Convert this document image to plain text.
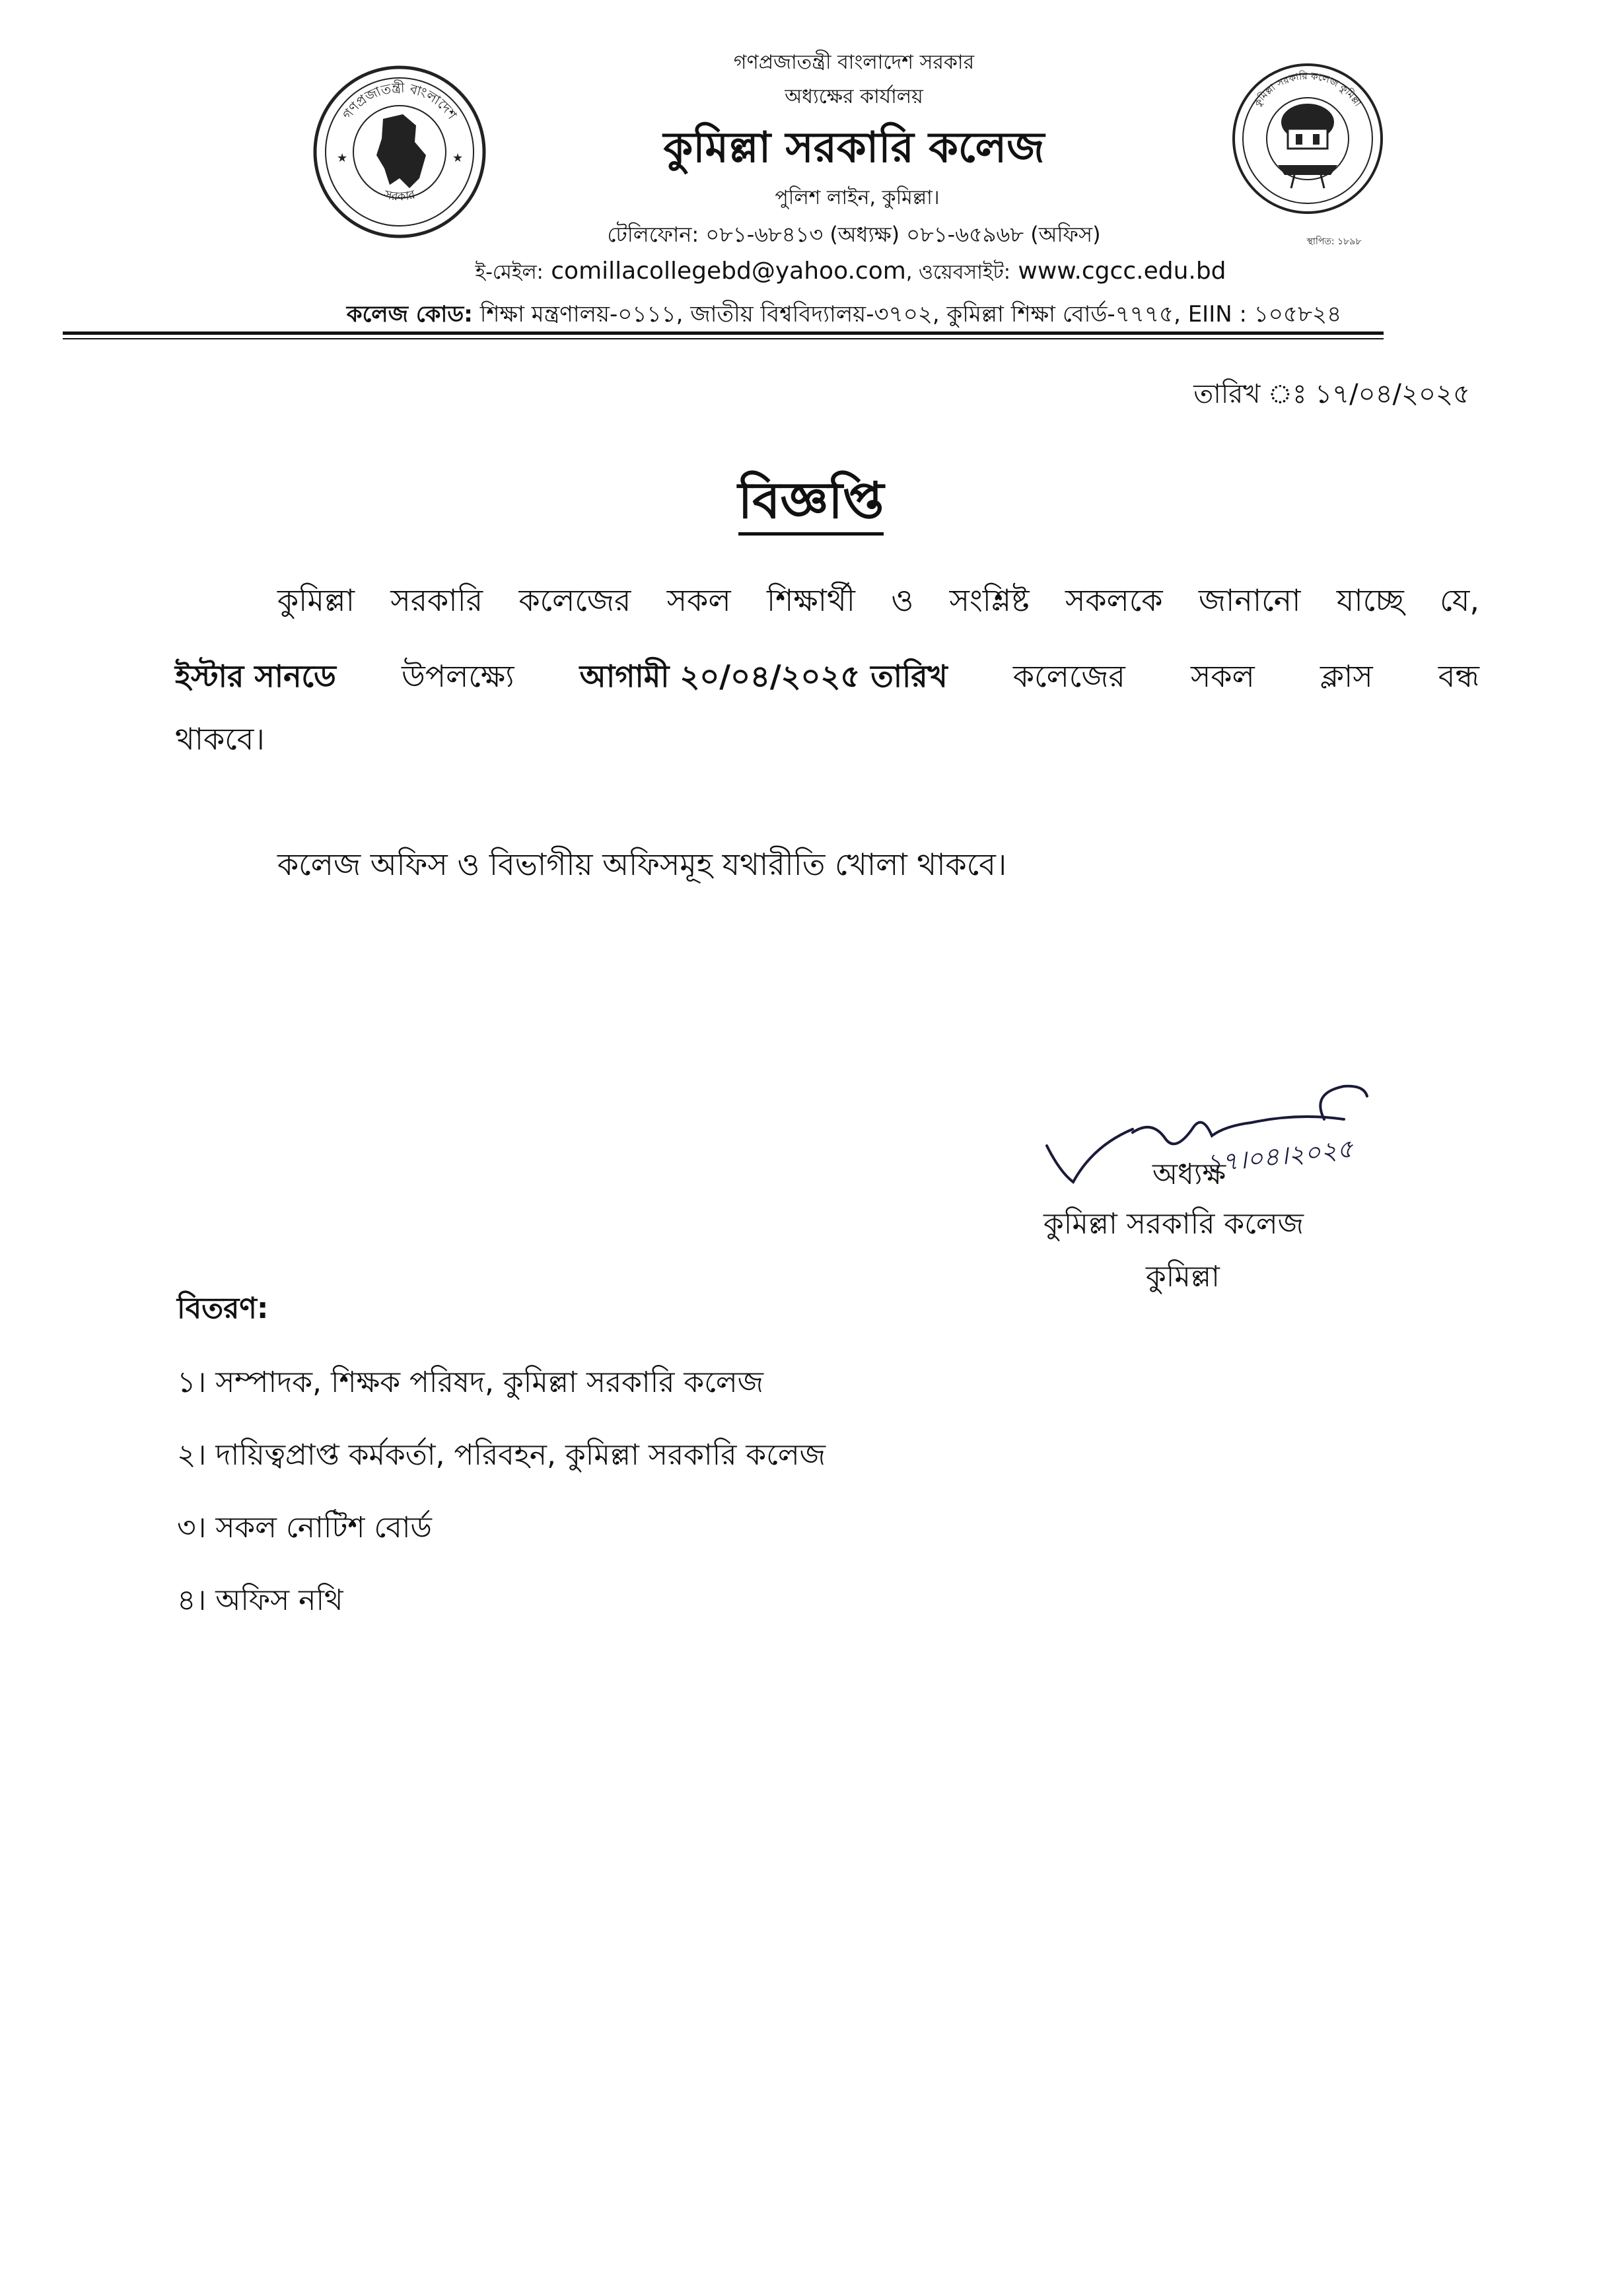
গণপ্রজাতন্ত্রী বাংলাদেশ
সরকার
★	★
কুমিল্লা সরকারি কলেজ কুমিল্লা
স্থাপিত: ১৮৯৮
গণপ্রজাতন্ত্রী বাংলাদেশ সরকার
অধ্যক্ষের কার্যালয়
কুমিল্লা সরকারি কলেজ
পুলিশ লাইন, কুমিল্লা।
টেলিফোন: ০৮১-৬৮৪১৩ (অধ্যক্ষ) ০৮১-৬৫৯৬৮ (অফিস)
ই-মেইল: comillacollegebd@yahoo.com, ওয়েবসাইট: www.cgcc.edu.bd
কলেজ কোড: শিক্ষা মন্ত্রণালয়-০১১১, জাতীয় বিশ্ববিদ্যালয়-৩৭০২, কুমিল্লা শিক্ষা বোর্ড-৭৭৭৫, EIIN : ১০৫৮২৪
তারিখ ঃ ১৭/০৪/২০২৫
বিজ্ঞপ্তি
কুমিল্লা সরকারি কলেজের সকল শিক্ষার্থী ও সংশ্লিষ্ট সকলকে জানানো যাচ্ছে যে,
ইস্টার সানডে উপলক্ষ্যে আগামী ২০/০৪/২০২৫ তারিখ কলেজের সকল ক্লাস বন্ধ
থাকবে।
কলেজ অফিস ও বিভাগীয় অফিসমূহ যথারীতি খোলা থাকবে।
১৭।০৪।২০২৫
অধ্যক্ষ
কুমিল্লা সরকারি কলেজ
কুমিল্লা
বিতরণ:
১। সম্পাদক, শিক্ষক পরিষদ, কুমিল্লা সরকারি কলেজ
২। দায়িত্বপ্রাপ্ত কর্মকর্তা, পরিবহন, কুমিল্লা সরকারি কলেজ
৩। সকল নোটিশ বোর্ড
৪। অফিস নথি
